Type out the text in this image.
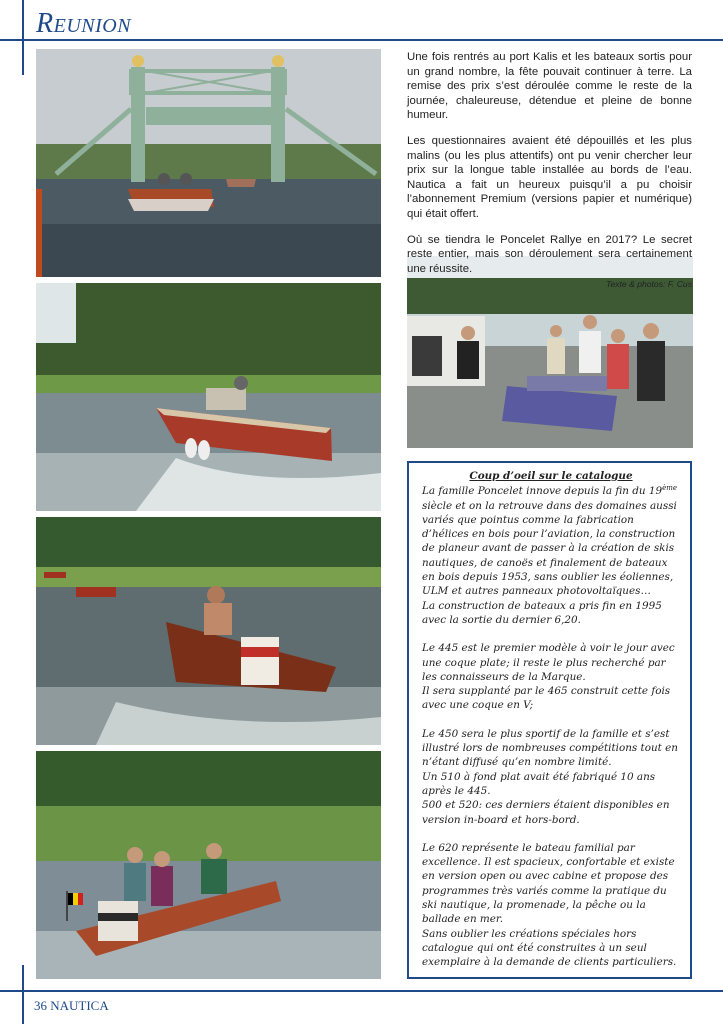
Reunion

Une fois rentrés au port Kalis et les bateaux sortis pour un grand nombre, la fête pouvait continuer à terre. La remise des prix s’est déroulée comme le reste de la journée, chaleureuse, détendue et pleine de bonne humeur.

Les questionnaires avaient été dépouillés et les plus malins (ou les plus attentifs) ont pu venir chercher leur prix sur la longue table installée au bords de l’eau. Nautica a fait un heureux puisqu’il a pu choisir l’abonnement Premium (versions papier et numérique) qui était offert.

Où se tiendra le Poncelet Rallye en 2017? Le secret reste entier, mais son déroulement sera certainement une réussite.

Texte & photos: F. Cus
Coup d’oeil sur le catalogue

La famille Poncelet innove depuis la fin du 19ème siècle et on la retrouve dans des domaines aussi variés que pointus comme la fabrication d’hélices en bois pour l’aviation, la construction de planeur avant de passer à la création de skis nautiques, de canoës et finalement de bateaux en bois depuis 1953, sans oublier les éoliennes, ULM et autres panneaux photovoltaïques…
La construction de bateaux a pris fin en 1995 avec la sortie du dernier 6,20.

Le 445 est le premier modèle à voir le jour avec une coque plate; il reste le plus recherché par les connaisseurs de la Marque.
Il sera supplanté par le 465 construit cette fois avec une coque en V;

Le 450 sera le plus sportif de la famille et s’est illustré lors de nombreuses compétitions tout en n’étant diffusé qu’en nombre limité.
Un 510 à fond plat avait été fabriqué 10 ans après le 445.
500 et 520: ces derniers étaient disponibles en version in-board et hors-bord.

Le 620 représente le bateau familial par excellence. Il est spacieux, confortable et existe en version open ou avec cabine et propose des programmes très variés comme la pratique du ski nautique, la promenade, la pêche ou la ballade en mer.
Sans oublier les créations spéciales hors catalogue qui ont été construites à un seul exemplaire à la demande de clients particuliers.

36 NAUTICA
